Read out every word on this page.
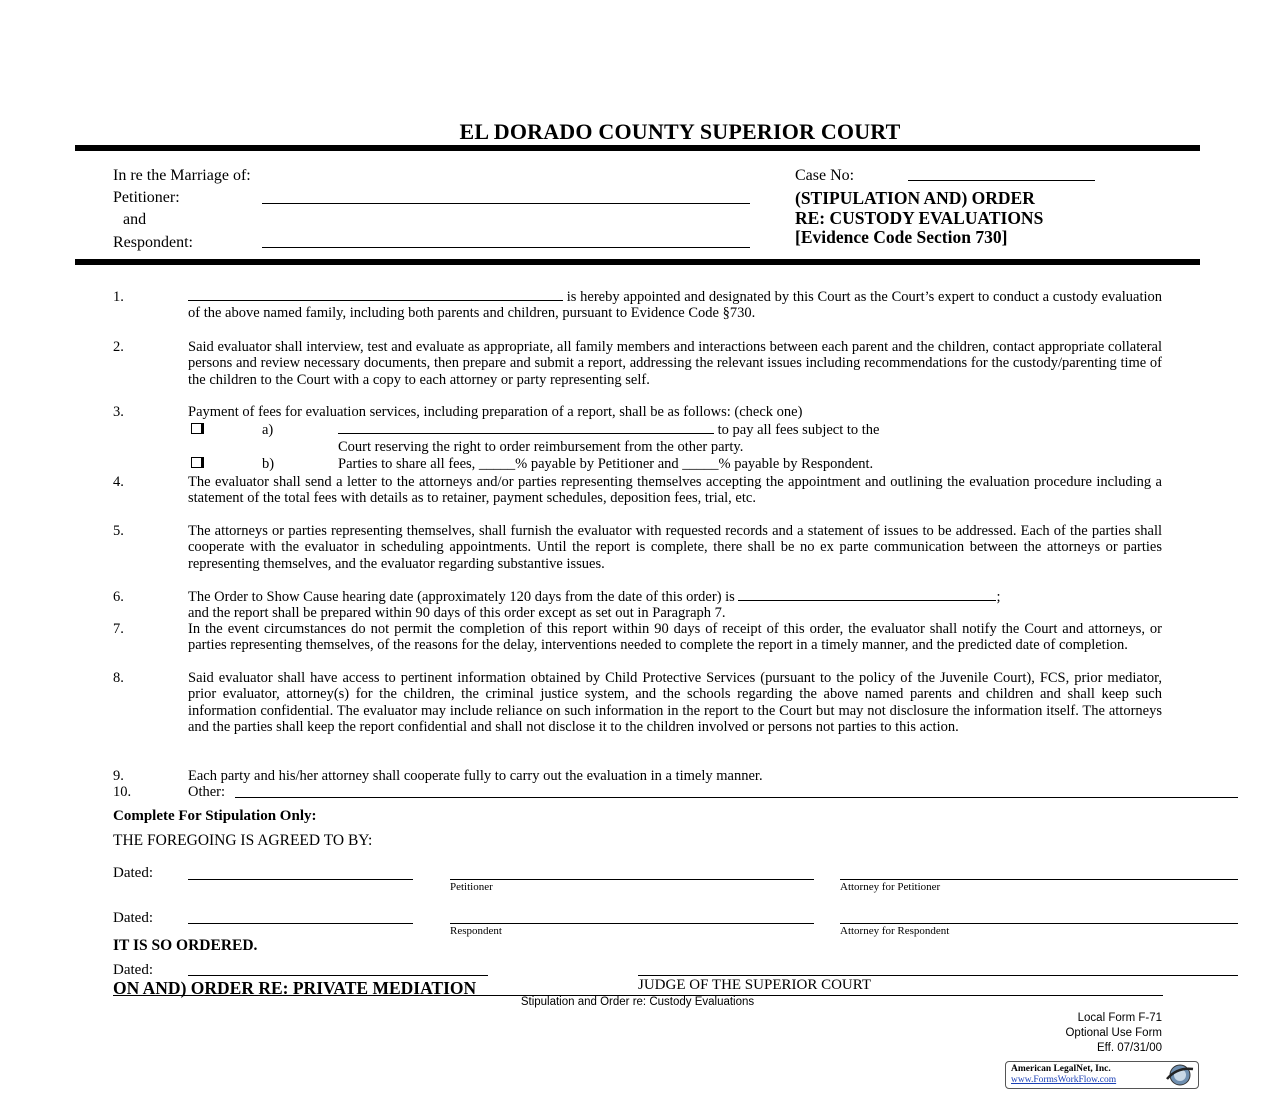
EL DORADO COUNTY SUPERIOR COURT
In re the Marriage of:
Petitioner:
and
Respondent:
Case No:
(STIPULATION AND) ORDER
RE: CUSTODY EVALUATIONS
[Evidence Code Section 730]
1.	is hereby appointed and designated by this Court as the Court’s expert to conduct a custody evaluation of the above named family, including both parents and children, pursuant to Evidence Code §730.
2.	Said evaluator shall interview, test and evaluate as appropriate, all family members and interactions between each parent and the children, contact appropriate collateral persons and review necessary documents, then prepare and submit a report, addressing the relevant issues including recommendations for the custody/parenting time of the children to the Court with a copy to each attorney or party representing self.
3.	Payment of fees for evaluation services, including preparation of a report, shall be as follows: (check one)
a)	to pay all fees subject to the
Court reserving the right to order reimbursement from the other party.
b)	Parties to share all fees, _____% payable by Petitioner and _____% payable by Respondent.
4.	The evaluator shall send a letter to the attorneys and/or parties representing themselves accepting the appointment and outlining the evaluation procedure including a statement of the total fees with details as to retainer, payment schedules, deposition fees, trial, etc.
5.	The attorneys or parties representing themselves, shall furnish the evaluator with requested records and a statement of issues to be addressed. Each of the parties shall cooperate with the evaluator in scheduling appointments. Until the report is complete, there shall be no ex parte communication between the attorneys or parties representing themselves, and the evaluator regarding substantive issues.
6.	The Order to Show Cause hearing date (approximately 120 days from the date of this order) is	;
and the report shall be prepared within 90 days of this order except as set out in Paragraph 7.
7.	In the event circumstances do not permit the completion of this report within 90 days of receipt of this order, the evaluator shall notify the Court and attorneys, or parties representing themselves, of the reasons for the delay, interventions needed to complete the report in a timely manner, and the predicted date of completion.
8.	Said evaluator shall have access to pertinent information obtained by Child Protective Services (pursuant to the policy of the Juvenile Court), FCS, prior mediator, prior evaluator, attorney(s) for the children, the criminal justice system, and the schools regarding the above named parents and children and shall keep such information confidential. The evaluator may include reliance on such information in the report to the Court but may not disclosure the information itself. The attorneys and the parties shall keep the report confidential and shall not disclose it to the children involved or persons not parties to this action.
9.	Each party and his/her attorney shall cooperate fully to carry out the evaluation in a timely manner.
10.	Other:
Complete For Stipulation Only:
THE FOREGOING IS AGREED TO BY:
Dated:
Petitioner	Attorney for Petitioner
Dated:
Respondent	Attorney for Respondent
IT IS SO ORDERED.
Dated:
ON AND) ORDER RE: PRIVATE MEDIATION	JUDGE OF THE SUPERIOR COURT
Stipulation and Order re: Custody Evaluations
Local Form F-71
Optional Use Form
Eff. 07/31/00
American LegalNet, Inc.
www.FormsWorkFlow.com
